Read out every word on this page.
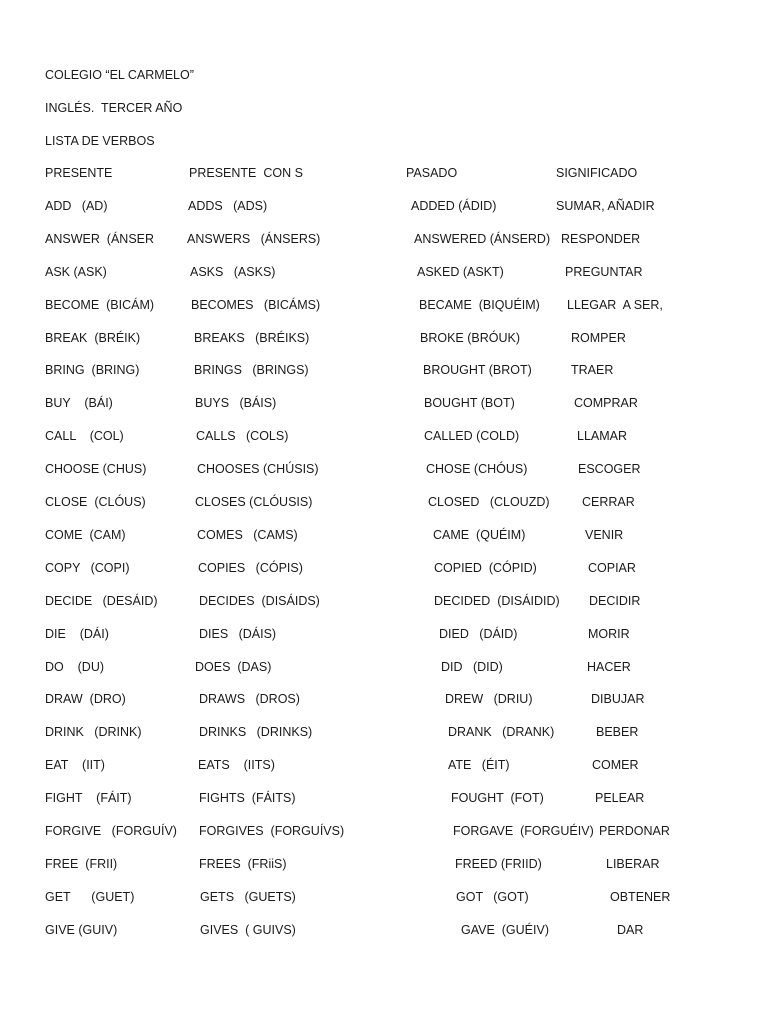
COLEGIO “EL CARMELO”
INGLÉS.  TERCER AÑO
LISTA DE VERBOS
PRESENTE	PRESENTE  CON S	PASADO	SIGNIFICADO
ADD   (AD)	ADDS   (ADS)	ADDED (ÁDID)	SUMAR, AÑADIR
ANSWER  (ÁNSER	ANSWERS   (ÁNSERS)	ANSWERED (ÁNSERD) RESPONDER
ASK (ASK)	ASKS   (ASKS)	ASKED (ASKT)	PREGUNTAR
BECOME  (BICÁM)	BECOMES   (BICÁMS)	BECAME  (BIQUÉIM) LLEGAR  A SER,
BREAK  (BRÉIK)	BREAKS   (BRÉIKS)	BROKE (BRÓUK)	ROMPER
BRING  (BRING)	BRINGS   (BRINGS)	BROUGHT (BROT)	TRAER
BUY    (BÁI)	BUYS   (BÁIS)	BOUGHT (BOT)	COMPRAR
CALL    (COL)	CALLS   (COLS)	CALLED (COLD)	LLAMAR
CHOOSE (CHUS)	CHOOSES (CHÚSIS)	CHOSE (CHÓUS)	ESCOGER
CLOSE  (CLÓUS)	CLOSES (CLÓUSIS)	CLOSED   (CLOUZD)	CERRAR
COME  (CAM)	COMES   (CAMS)	CAME  (QUÉIM)	VENIR
COPY   (COPI)	COPIES   (CÓPIS)	COPIED  (CÓPID)	COPIAR
DECIDE   (DESÁID)	DECIDES  (DISÁIDS)	DECIDED  (DISÁIDID) DECIDIR
DIE    (DÁI)	DIES   (DÁIS)	DIED   (DÁID)	MORIR
DO    (DU)	DOES  (DAS)	DID   (DID)	HACER
DRAW  (DRO)	DRAWS   (DROS)	DREW   (DRIU)	DIBUJAR
DRINK   (DRINK)	DRINKS   (DRINKS)	DRANK   (DRANK)	BEBER
EAT    (IIT)	EATS    (IITS)	ATE   (ÉIT)	COMER
FIGHT    (FÁIT)	FIGHTS  (FÁITS)	FOUGHT  (FOT)	PELEAR
FORGIVE   (FORGUÍV) FORGIVES  (FORGUÍVS)	FORGAVE  (FORGUÉIV) PERDONAR
FREE  (FRII)	FREES  (FRiiS)	FREED (FRIID)	LIBERAR
GET      (GUET)	GETS   (GUETS)	GOT   (GOT)	OBTENER
GIVE (GUIV)	GIVES  ( GUIVS)	GAVE  (GUÉIV)	DAR
